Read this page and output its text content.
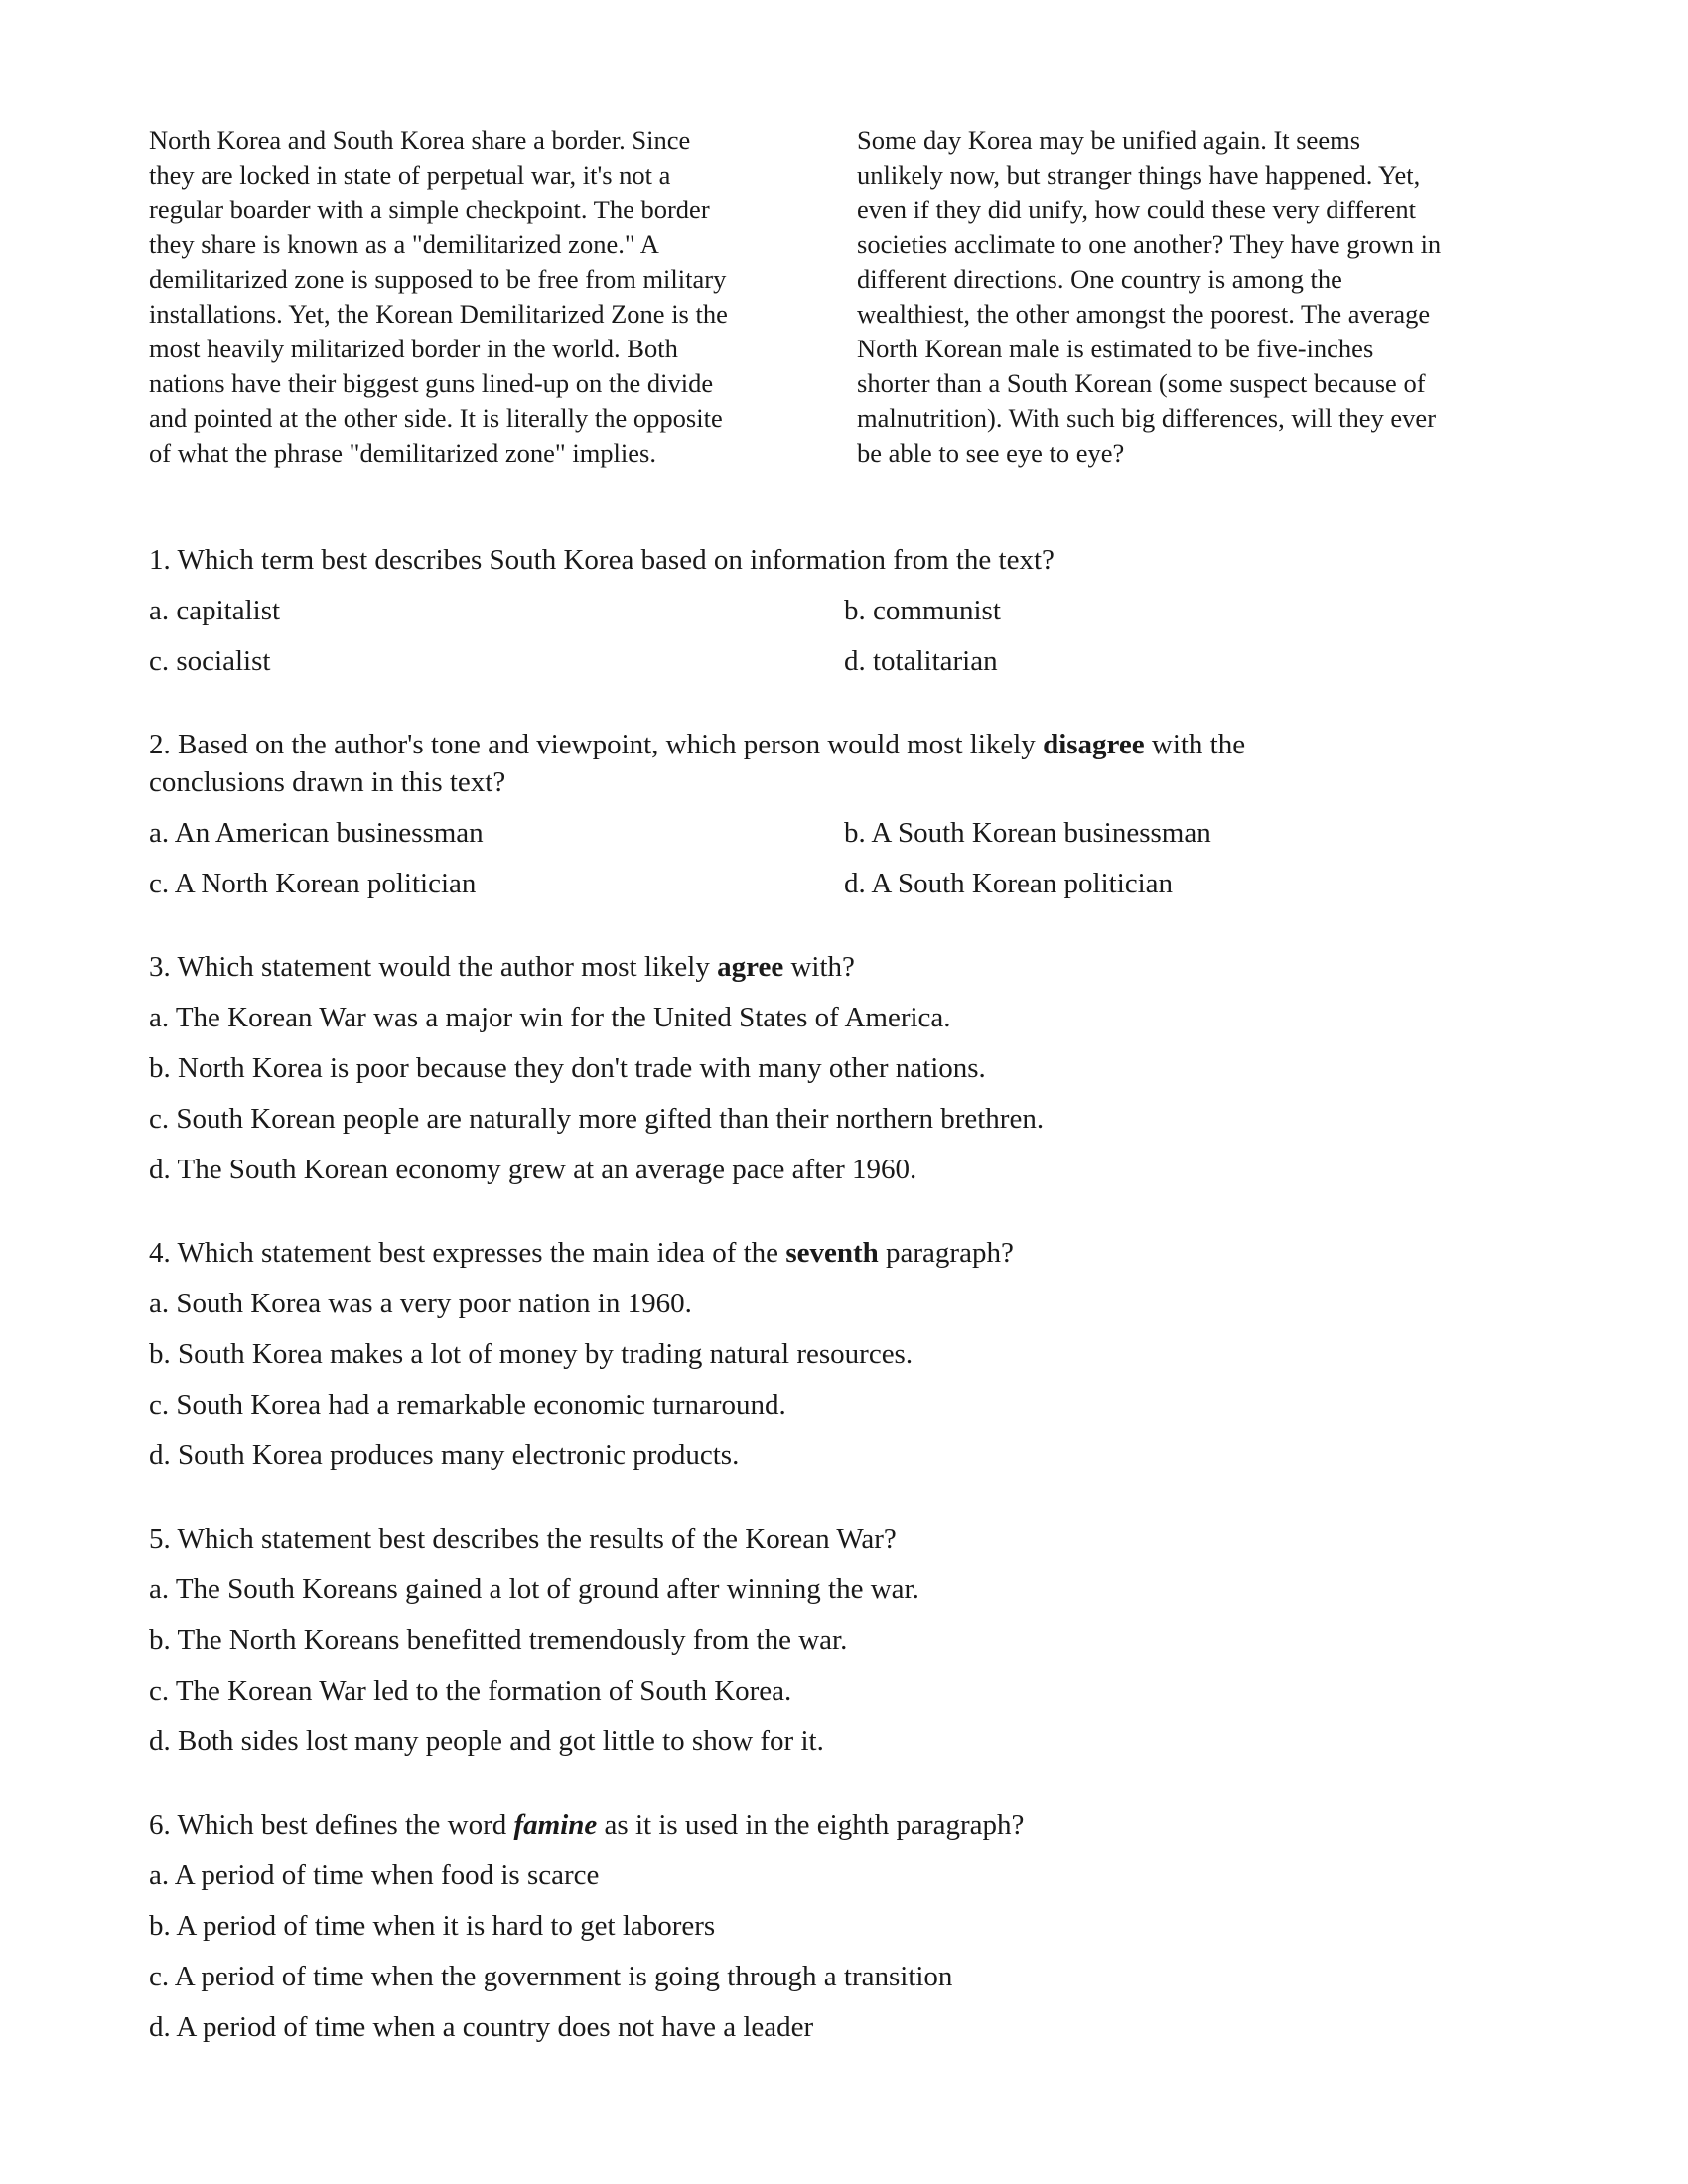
North Korea and South Korea share a border. Since
they are locked in state of perpetual war, it's not a
regular boarder with a simple checkpoint. The border
they share is known as a "demilitarized zone." A
demilitarized zone is supposed to be free from military
installations. Yet, the Korean Demilitarized Zone is the
most heavily militarized border in the world. Both
nations have their biggest guns lined-up on the divide
and pointed at the other side. It is literally the opposite
of what the phrase "demilitarized zone" implies.
Some day Korea may be unified again. It seems
unlikely now, but stranger things have happened. Yet,
even if they did unify, how could these very different
societies acclimate to one another? They have grown in
different directions. One country is among the
wealthiest, the other amongst the poorest. The average
North Korean male is estimated to be five-inches
shorter than a South Korean (some suspect because of
malnutrition). With such big differences, will they ever
be able to see eye to eye?
1. Which term best describes South Korea based on information from the text?
a. capitalist	b. communist
c. socialist	d. totalitarian
2. Based on the author's tone and viewpoint, which person would most likely disagree with the
conclusions drawn in this text?
a. An American businessman	b. A South Korean businessman
c. A North Korean politician	d. A South Korean politician
3. Which statement would the author most likely agree with?
a. The Korean War was a major win for the United States of America.
b. North Korea is poor because they don't trade with many other nations.
c. South Korean people are naturally more gifted than their northern brethren.
d. The South Korean economy grew at an average pace after 1960.
4. Which statement best expresses the main idea of the seventh paragraph?
a. South Korea was a very poor nation in 1960.
b. South Korea makes a lot of money by trading natural resources.
c. South Korea had a remarkable economic turnaround.
d. South Korea produces many electronic products.
5. Which statement best describes the results of the Korean War?
a. The South Koreans gained a lot of ground after winning the war.
b. The North Koreans benefitted tremendously from the war.
c. The Korean War led to the formation of South Korea.
d. Both sides lost many people and got little to show for it.
6. Which best defines the word famine as it is used in the eighth paragraph?
a. A period of time when food is scarce
b. A period of time when it is hard to get laborers
c. A period of time when the government is going through a transition
d. A period of time when a country does not have a leader
